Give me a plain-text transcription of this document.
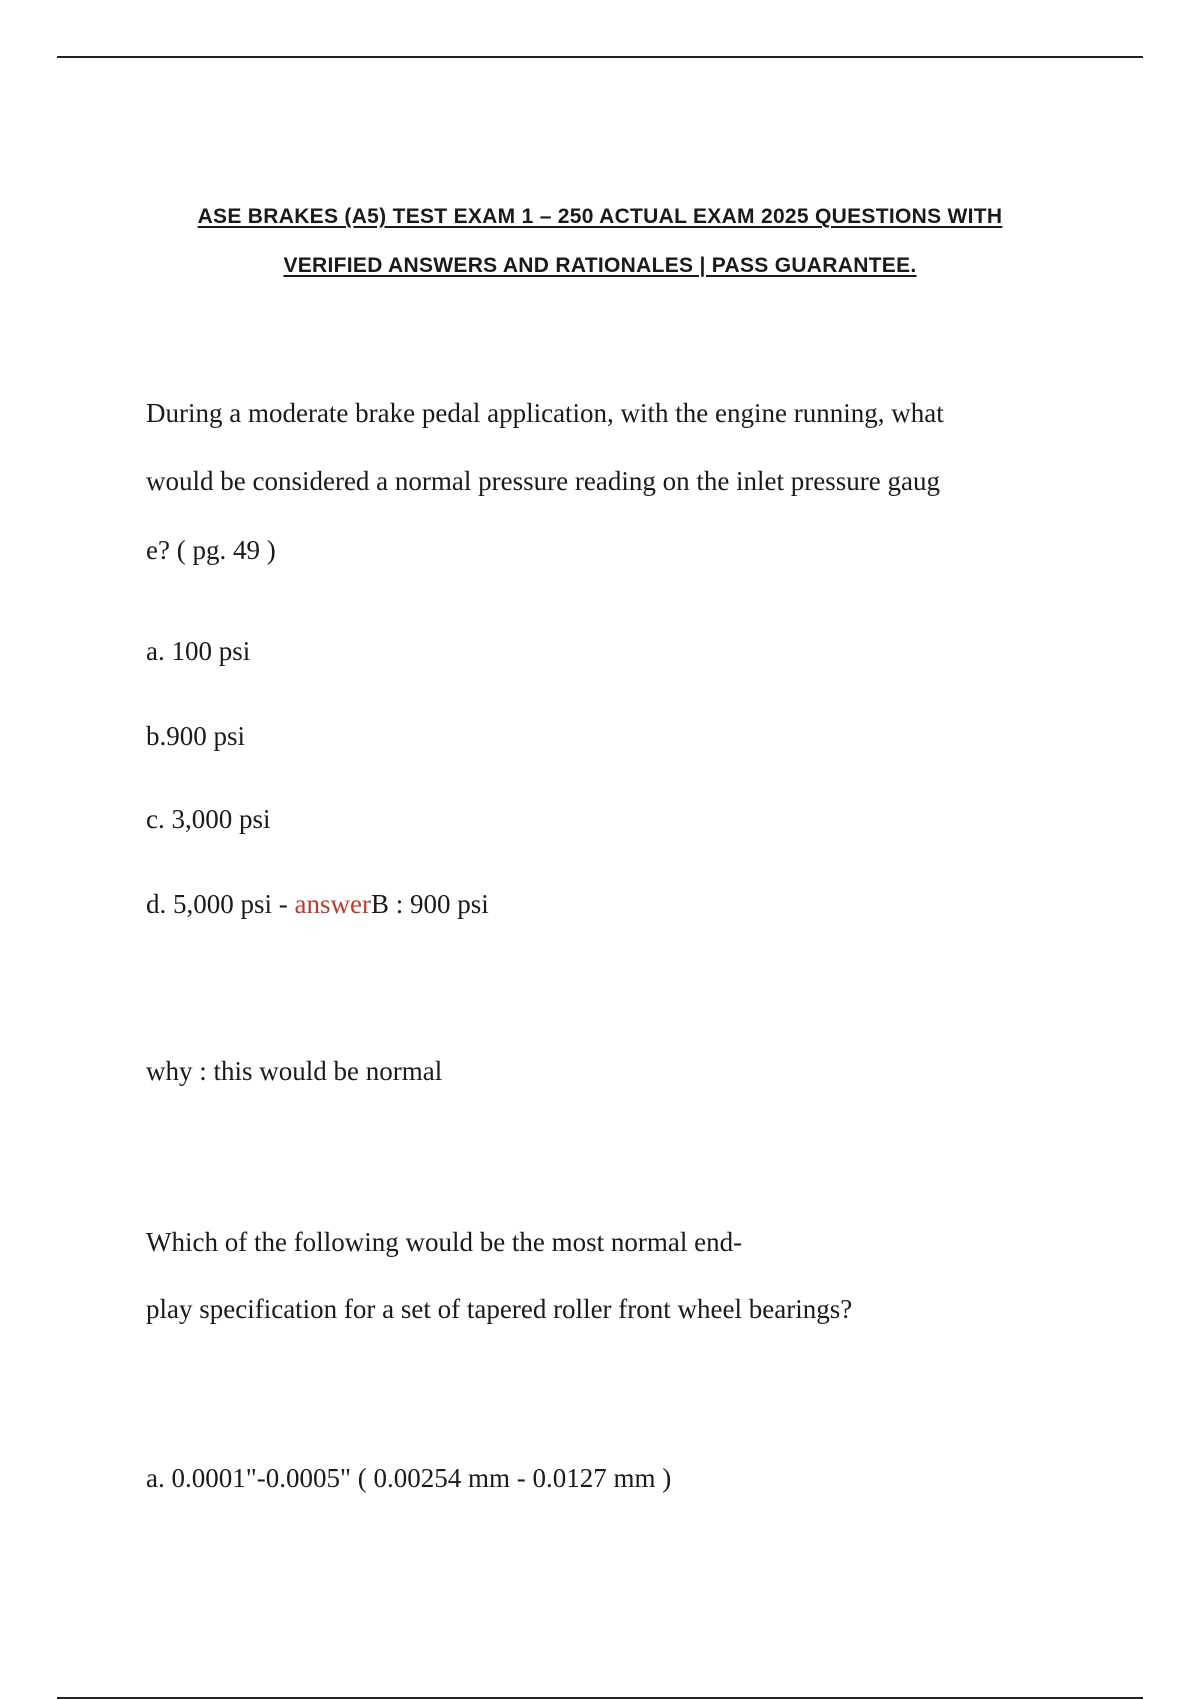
ASE BRAKES (A5) TEST EXAM 1 – 250 ACTUAL EXAM 2025 QUESTIONS WITH
VERIFIED ANSWERS AND RATIONALES | PASS GUARANTEE.

During a moderate brake pedal application, with the engine running, what

would be considered a normal pressure reading on the inlet pressure gaug

e? ( pg. 49 )

a. 100 psi

b.900 psi

c. 3,000 psi

d. 5,000 psi - answerB : 900 psi

why : this would be normal

Which of the following would be the most normal end-

play specification for a set of tapered roller front wheel bearings?

a. 0.0001"-0.0005" ( 0.00254 mm - 0.0127 mm )
